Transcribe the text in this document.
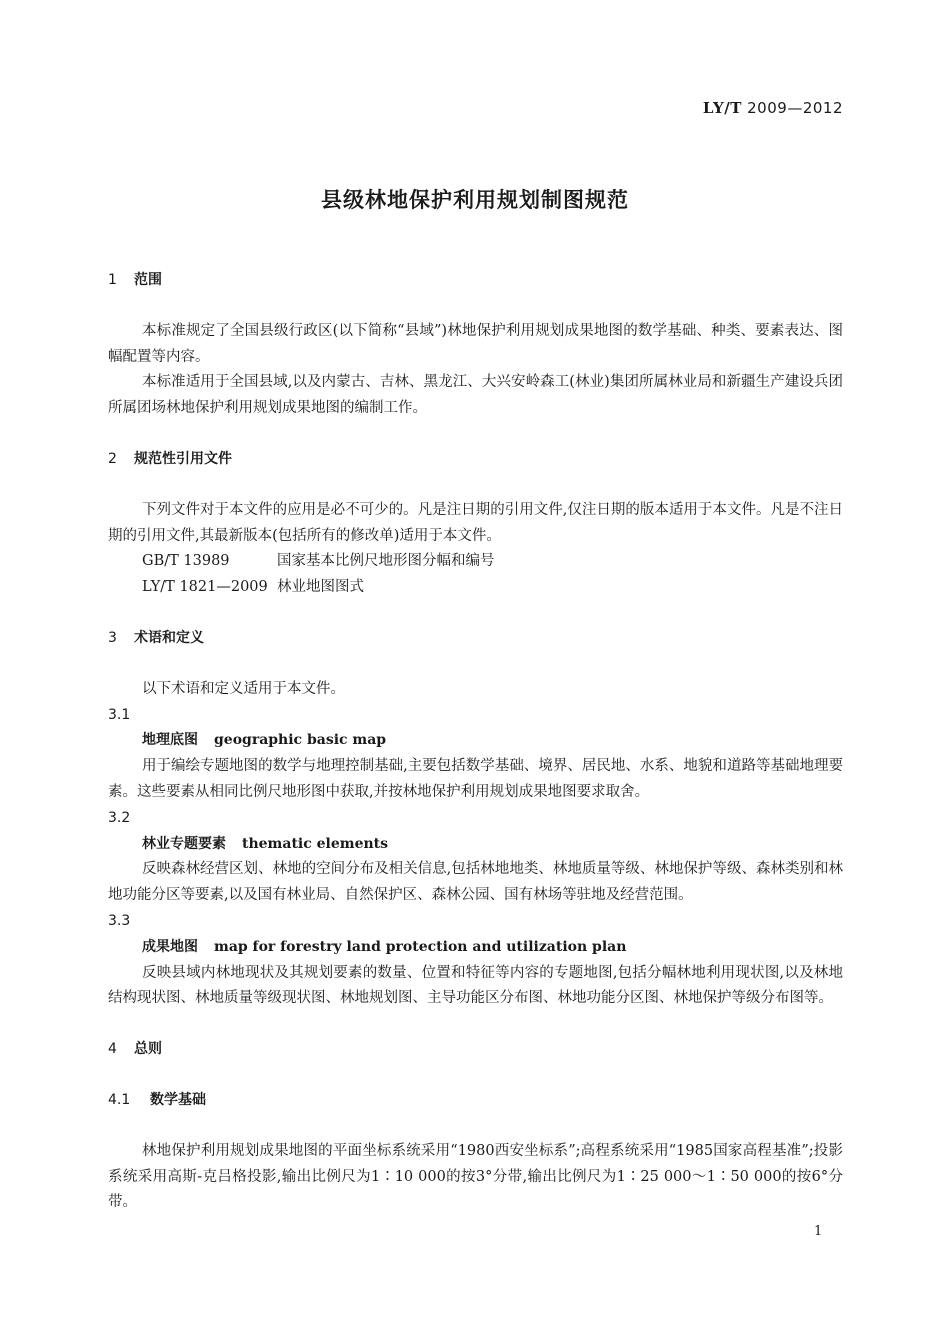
LY/T 2009—2012
县级林地保护利用规划制图规范

1 范围

本标准规定了全国县级行政区(以下简称“县域”)林地保护利用规划成果地图的数学基础、种类、要素表达、图幅配置等内容。

本标准适用于全国县域,以及内蒙古、吉林、黑龙江、大兴安岭森工(林业)集团所属林业局和新疆生产建设兵团所属团场林地保护利用规划成果地图的编制工作。

2 规范性引用文件

下列文件对于本文件的应用是必不可少的。凡是注日期的引用文件,仅注日期的版本适用于本文件。凡是不注日期的引用文件,其最新版本(包括所有的修改单)适用于本文件。

GB/T 13989	国家基本比例尺地形图分幅和编号

LY/T 1821—2009 林业地图图式

3 术语和定义

以下术语和定义适用于本文件。

3.1

地理底图 geographic basic map

用于编绘专题地图的数学与地理控制基础,主要包括数学基础、境界、居民地、水系、地貌和道路等基础地理要素。这些要素从相同比例尺地形图中获取,并按林地保护利用规划成果地图要求取舍。

3.2

林业专题要素 thematic elements

反映森林经营区划、林地的空间分布及相关信息,包括林地地类、林地质量等级、林地保护等级、森林类别和林地功能分区等要素,以及国有林业局、自然保护区、森林公园、国有林场等驻地及经营范围。

3.3

成果地图 map for forestry land protection and utilization plan

反映县域内林地现状及其规划要素的数量、位置和特征等内容的专题地图,包括分幅林地利用现状图,以及林地结构现状图、林地质量等级现状图、林地规划图、主导功能区分布图、林地功能分区图、林地保护等级分布图等。

4 总则

4.1 数学基础

林地保护利用规划成果地图的平面坐标系统采用“1980西安坐标系”;高程系统采用“1985国家高程基准”;投影系统采用高斯-克吕格投影,输出比例尺为1∶10 000的按3°分带,输出比例尺为1∶25 000～1∶50 000的按6°分带。

1
